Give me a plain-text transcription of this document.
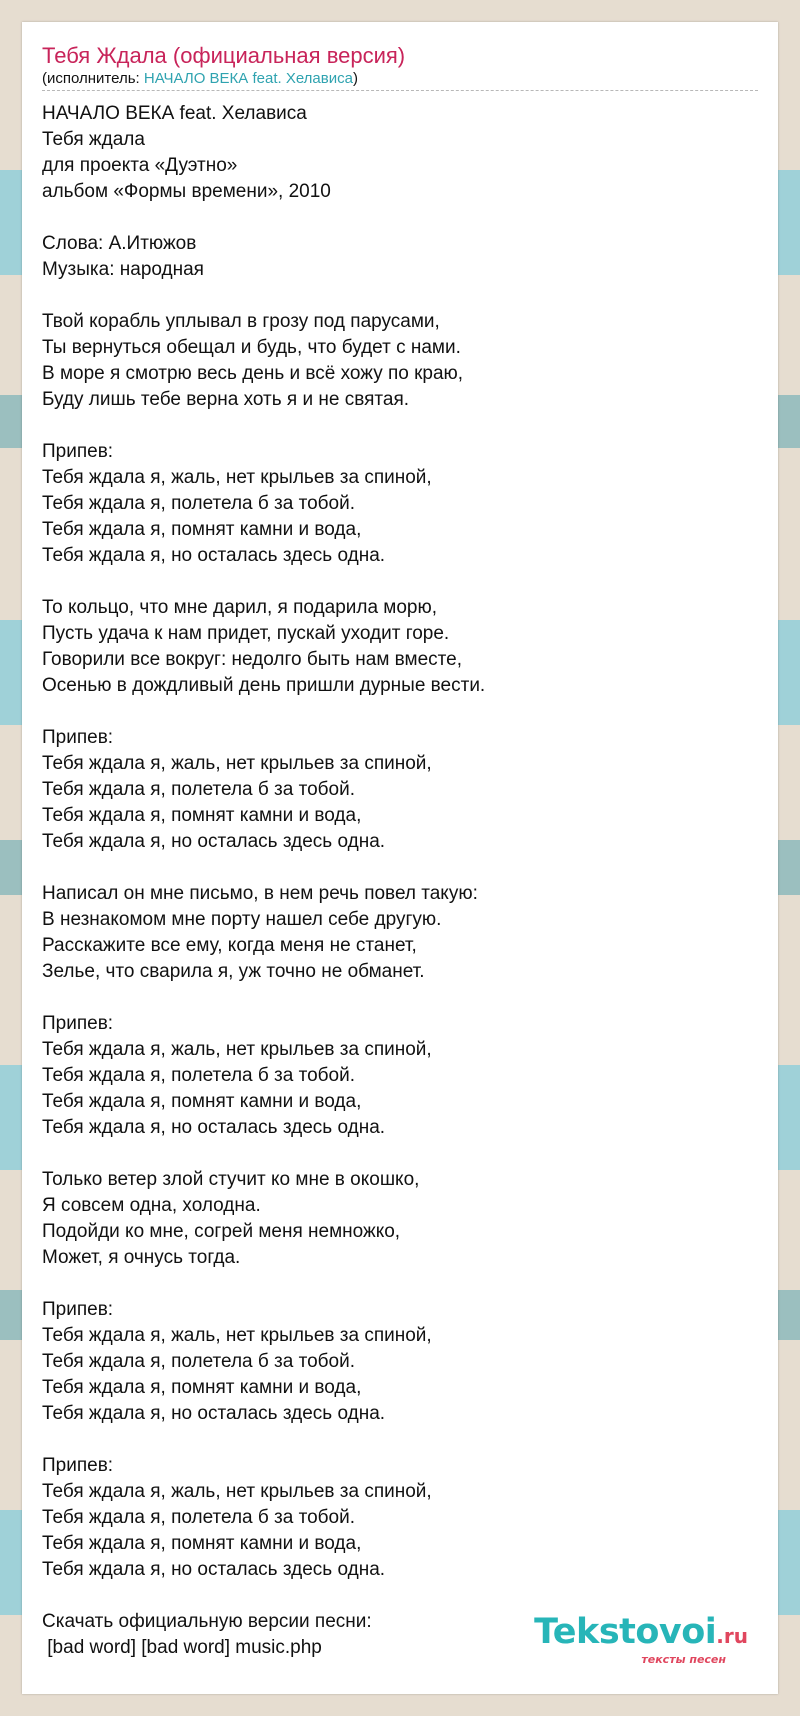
Тебя Ждала (официальная версия)

(исполнитель: НАЧАЛО ВЕКА feat. Хелависа)

НАЧАЛО ВЕКА feat. Хелависа
Тебя ждала
для проекта «Дуэтно»
альбом «Формы времени», 2010

Слова: А.Итюжов
Музыка: народная

Твой корабль уплывал в грозу под парусами,
Ты вернуться обещал и будь, что будет с нами.
В море я смотрю весь день и всё хожу по краю,
Буду лишь тебе верна хоть я и не святая.

Припев:
Тебя ждала я, жаль, нет крыльев за спиной,
Тебя ждала я, полетела б за тобой.
Тебя ждала я, помнят камни и вода,
Тебя ждала я, но осталась здесь одна.

То кольцо, что мне дарил, я подарила морю,
Пусть удача к нам придет, пускай уходит горе.
Говорили все вокруг: недолго быть нам вместе,
Осенью в дождливый день пришли дурные вести.

Припев:
Тебя ждала я, жаль, нет крыльев за спиной,
Тебя ждала я, полетела б за тобой.
Тебя ждала я, помнят камни и вода,
Тебя ждала я, но осталась здесь одна.

Написал он мне письмо, в нем речь повел такую:
В незнакомом мне порту нашел себе другую.
Расскажите все ему, когда меня не станет,
Зелье, что сварила я, уж точно не обманет.

Припев:
Тебя ждала я, жаль, нет крыльев за спиной,
Тебя ждала я, полетела б за тобой.
Тебя ждала я, помнят камни и вода,
Тебя ждала я, но осталась здесь одна.

Только ветер злой стучит ко мне в окошко,
Я совсем одна, холодна.
Подойди ко мне, согрей меня немножко,
Может, я очнусь тогда.

Припев:
Тебя ждала я, жаль, нет крыльев за спиной,
Тебя ждала я, полетела б за тобой.
Тебя ждала я, помнят камни и вода,
Тебя ждала я, но осталась здесь одна.

Припев:
Тебя ждала я, жаль, нет крыльев за спиной,
Тебя ждала я, полетела б за тобой.
Тебя ждала я, помнят камни и вода,
Тебя ждала я, но осталась здесь одна.

Скачать официальную версии песни:
[bad word] [bad word] music.php	Tekstovoi.ru
тексты песен
